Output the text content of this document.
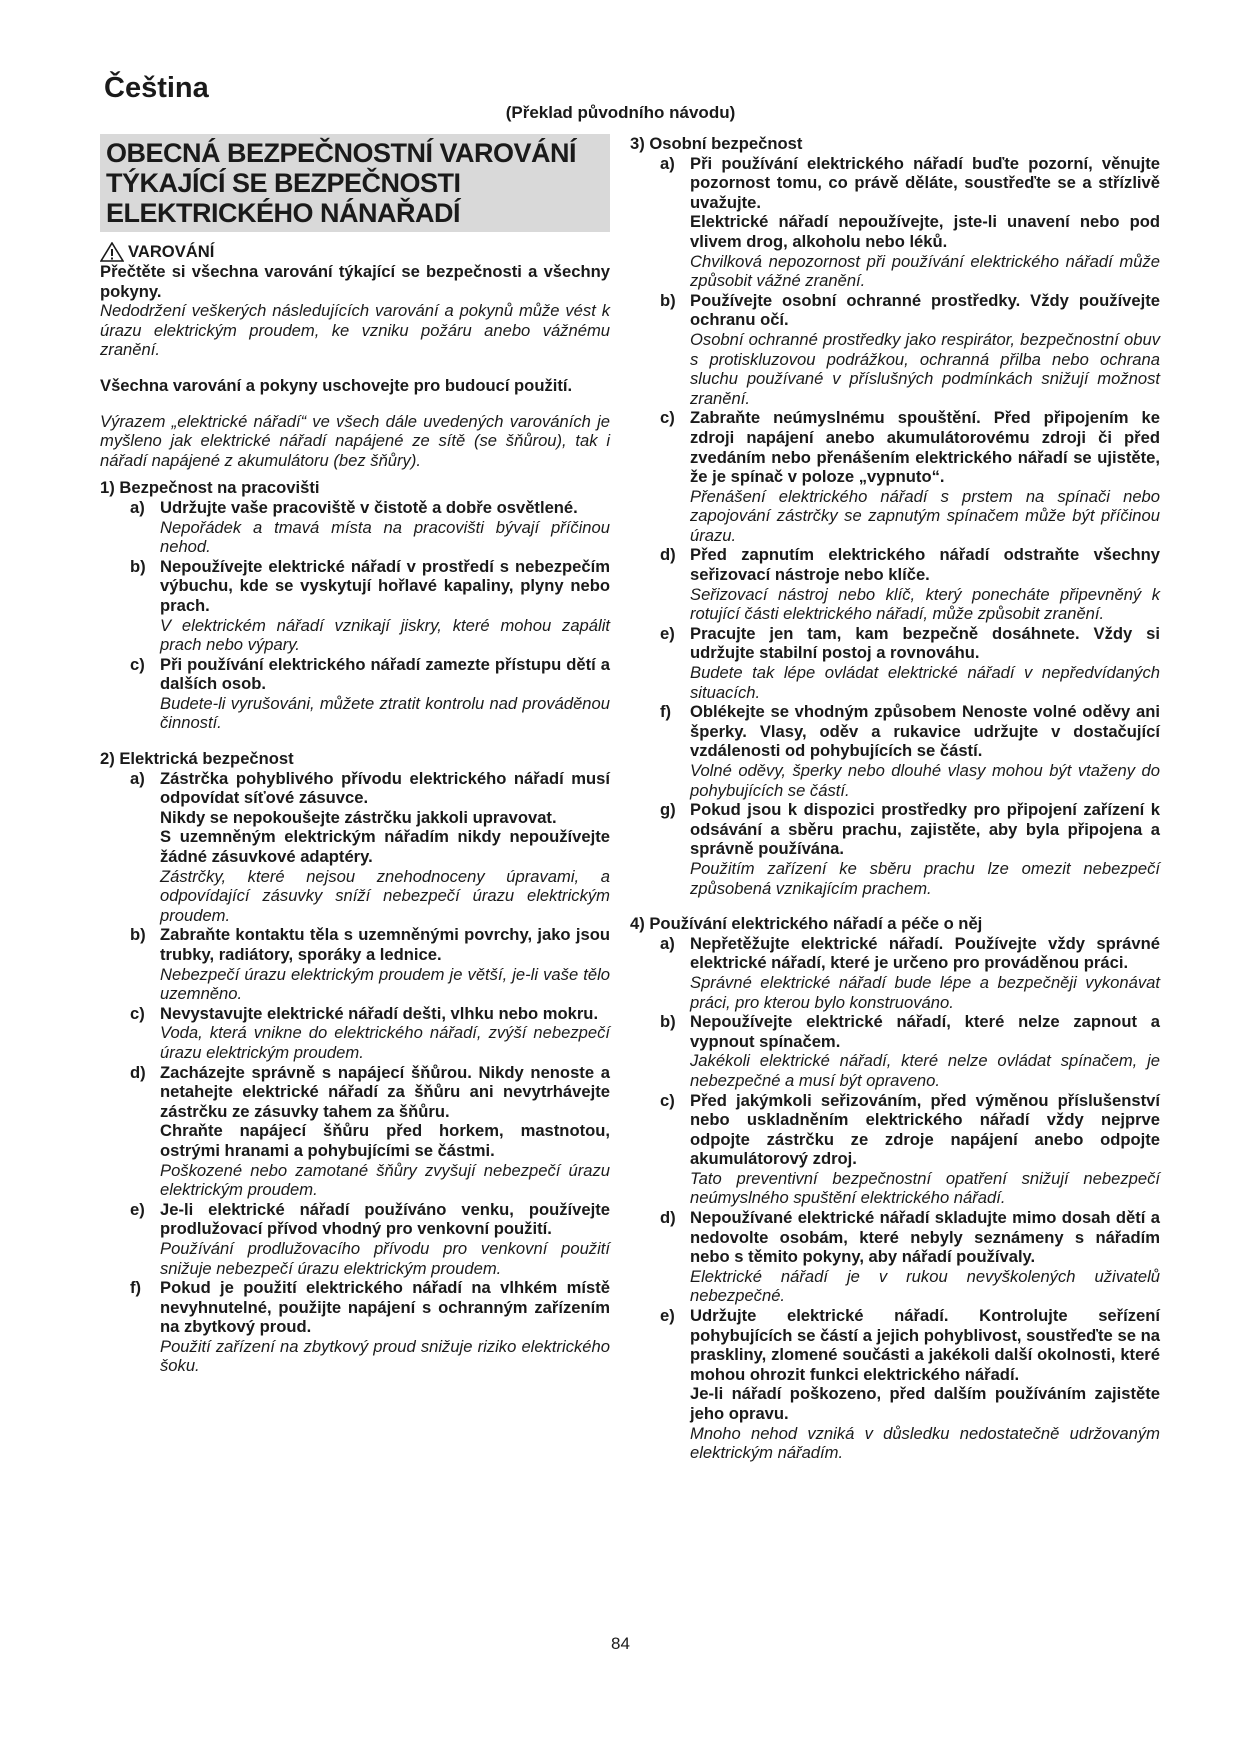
Čeština
(Překlad původního návodu)
OBECNÁ BEZPEČNOSTNÍ VAROVÁNÍ TÝKAJÍCÍ SE BEZPEČNOSTI ELEKTRICKÉHO NÁNAŘADÍ
VAROVÁNÍ

Přečtěte si všechna varování týkající se bezpečnosti a všechny pokyny.

Nedodržení veškerých následujících varování a pokynů může vést k úrazu elektrickým proudem, ke vzniku požáru anebo vážnému zranění.

Všechna varování a pokyny uschovejte pro budoucí použití.

Výrazem „elektrické nářadí“ ve všech dále uvedených varováních je myšleno jak elektrické nářadí napájené ze sítě (se šňůrou), tak i nářadí napájené z akumulátoru (bez šňůry).

1) Bezpečnost na pracovišti

a) Udržujte vaše pracoviště v čistotě a dobře osvětlené.

Nepořádek a tmavá místa na pracovišti bývají příčinou nehod.

b) Nepoužívejte elektrické nářadí v prostředí s nebezpečím výbuchu, kde se vyskytují hořlavé kapaliny, plyny nebo prach.

V elektrickém nářadí vznikají jiskry, které mohou zapálit prach nebo výpary.

c) Při používání elektrického nářadí zamezte přístupu dětí a dalších osob.

Budete-li vyrušováni, můžete ztratit kontrolu nad prováděnou činností.

2) Elektrická bezpečnost

a) Zástrčka pohyblivého přívodu elektrického nářadí musí odpovídat síťové zásuvce.

Nikdy se nepokoušejte zástrčku jakkoli upravovat.

S uzemněným elektrickým nářadím nikdy nepoužívejte žádné zásuvkové adaptéry.

Zástrčky, které nejsou znehodnoceny úpravami, a odpovídající zásuvky sníží nebezpečí úrazu elektrickým proudem.

b) Zabraňte kontaktu těla s uzemněnými povrchy, jako jsou trubky, radiátory, sporáky a lednice.

Nebezpečí úrazu elektrickým proudem je větší, je-li vaše tělo uzemněno.

c) Nevystavujte elektrické nářadí dešti, vlhku nebo mokru.

Voda, která vnikne do elektrického nářadí, zvýší nebezpečí úrazu elektrickým proudem.

d) Zacházejte správně s napájecí šňůrou. Nikdy nenoste a netahejte elektrické nářadí za šňůru ani nevytrhávejte zástrčku ze zásuvky tahem za šňůru.

Chraňte napájecí šňůru před horkem, mastnotou, ostrými hranami a pohybujícími se částmi.

Poškozené nebo zamotané šňůry zvyšují nebezpečí úrazu elektrickým proudem.

e) Je-li elektrické nářadí používáno venku, používejte prodlužovací přívod vhodný pro venkovní použití.

Používání prodlužovacího přívodu pro venkovní použití snižuje nebezpečí úrazu elektrickým proudem.

f)	Pokud je použití elektrického nářadí na vlhkém místě nevyhnutelné, použijte napájení s ochranným zařízením na zbytkový proud.

Použití zařízení na zbytkový proud snižuje riziko elektrického šoku.

3) Osobní bezpečnost

a) Při používání elektrického nářadí buďte pozorní, věnujte pozornost tomu, co právě děláte, soustřeďte se a střízlivě uvažujte.

Elektrické nářadí nepoužívejte, jste-li unavení nebo pod vlivem drog, alkoholu nebo léků.

Chvilková nepozornost při používání elektrického nářadí může způsobit vážné zranění.

b) Používejte osobní ochranné prostředky. Vždy používejte ochranu očí.

Osobní ochranné prostředky jako respirátor, bezpečnostní obuv s protiskluzovou podrážkou, ochranná přilba nebo ochrana sluchu používané v příslušných podmínkách snižují možnost zranění.

c) Zabraňte neúmyslnému spouštění. Před připojením ke zdroji napájení anebo akumulátorovému zdroji či před zvedáním nebo přenášením elektrického nářadí se ujistěte, že je spínač v poloze „vypnuto“.

Přenášení elektrického nářadí s prstem na spínači nebo zapojování zástrčky se zapnutým spínačem může být příčinou úrazu.

d) Před zapnutím elektrického nářadí odstraňte všechny seřizovací nástroje nebo klíče.

Seřizovací nástroj nebo klíč, který ponecháte připevněný k rotující části elektrického nářadí, může způsobit zranění.

e) Pracujte jen tam, kam bezpečně dosáhnete. Vždy si udržujte stabilní postoj a rovnováhu.

Budete tak lépe ovládat elektrické nářadí v nepředvídaných situacích.

f)	Oblékejte se vhodným způsobem Nenoste volné oděvy ani šperky. Vlasy, oděv a rukavice udržujte v dostačující vzdálenosti od pohybujících se částí.

Volné oděvy, šperky nebo dlouhé vlasy mohou být vtaženy do pohybujících se částí.

g) Pokud jsou k dispozici prostředky pro připojení zařízení k odsávání a sběru prachu, zajistěte, aby byla připojena a správně používána.

Použitím zařízení ke sběru prachu lze omezit nebezpečí způsobená vznikajícím prachem.

4) Používání elektrického nářadí a péče o něj

a) Nepřetěžujte elektrické nářadí. Používejte vždy správné elektrické nářadí, které je určeno pro prováděnou práci.

Správné elektrické nářadí bude lépe a bezpečněji vykonávat práci, pro kterou bylo konstruováno.

b) Nepoužívejte elektrické nářadí, které nelze zapnout a vypnout spínačem.

Jakékoli elektrické nářadí, které nelze ovládat spínačem, je nebezpečné a musí být opraveno.

c) Před jakýmkoli seřizováním, před výměnou příslušenství nebo uskladněním elektrického nářadí vždy nejprve odpojte zástrčku ze zdroje napájení anebo odpojte akumulátorový zdroj.

Tato preventivní bezpečnostní opatření snižují nebezpečí neúmyslného spuštění elektrického nářadí.

d) Nepoužívané elektrické nářadí skladujte mimo dosah dětí a nedovolte osobám, které nebyly seznámeny s nářadím nebo s těmito pokyny, aby nářadí používaly.

Elektrické nářadí je v rukou nevyškolených uživatelů nebezpečné.

e) Udržujte elektrické nářadí. Kontrolujte seřízení pohybujících se částí a jejich pohyblivost, soustřeďte se na praskliny, zlomené součásti a jakékoli další okolnosti, které mohou ohrozit funkci elektrického nářadí.

Je-li nářadí poškozeno, před dalším používáním zajistěte jeho opravu.

Mnoho nehod vzniká v důsledku nedostatečně udržovaným elektrickým nářadím.

84
